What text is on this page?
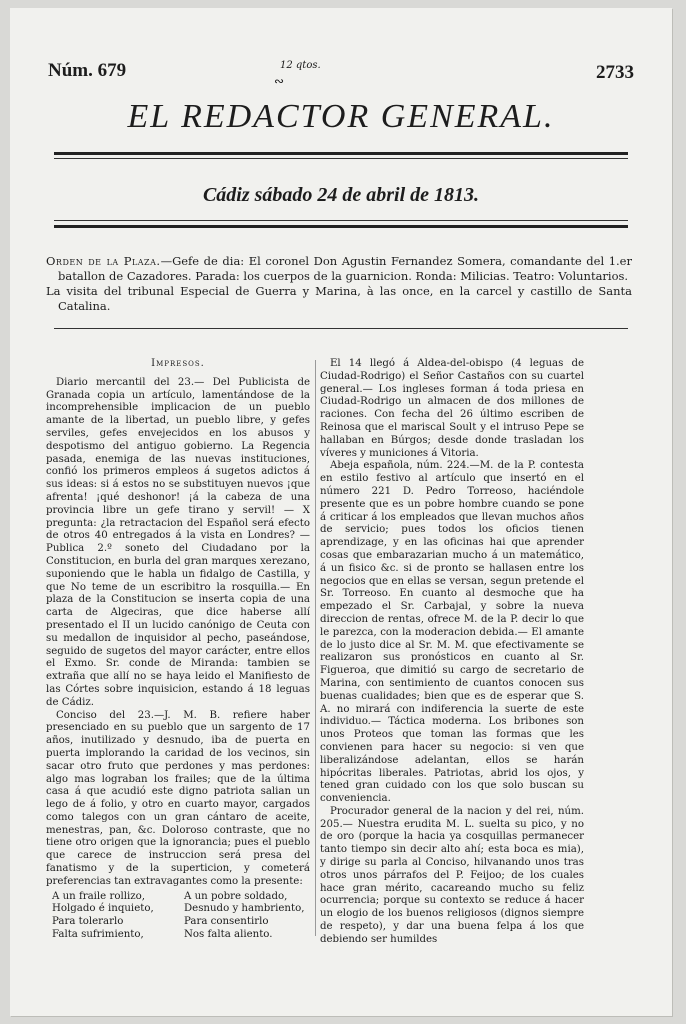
Núm. 679	12 qtos.
∾	2733
EL REDACTOR GENERAL.
Cádiz sábado 24 de abril de 1813.

Orden de la Plaza.—Gefe de dia: El coronel Don Agustin Fernandez Somera, comandante del 1.er batallon de Cazadores. Parada: los cuerpos de la guarnicion. Ronda: Milicias. Teatro: Voluntarios.

La visita del tribunal Especial de Guerra y Marina, à las once, en la carcel y castillo de Santa Catalina.

Impresos.

Diario mercantil del 23.— Del Publicista de Granada copia un artículo, lamentándose de la incomprehensible implicacion de un pueblo amante de la libertad, un pueblo libre, y gefes serviles, gefes envejecidos en los abusos y despotismo del antiguo gobierno. La Regencia pasada, enemiga de las nuevas instituciones, confió los primeros empleos á sugetos adictos á sus ideas: si á estos no se substituyen nuevos ¡que afrenta! ¡qué deshonor! ¡á la cabeza de una provincia libre un gefe tirano y servil! — X pregunta: ¿la retractacion del Español será efecto de otros 40 entregados á la vista en Londres? —Publica 2.º soneto del Ciudadano por la Constitucion, en burla del gran marques xerezano, suponiendo que le habla un fidalgo de Castilla, y que No teme de un escribitro la rosquilla.— En plaza de la Constitucion se inserta copia de una carta de Algeciras, que dice haberse allí presentado el II un lucido canónigo de Ceuta con su medallon de inquisidor al pecho, paseándose, seguido de sugetos del mayor carácter, entre ellos el Exmo. Sr. conde de Miranda: tambien se extraña que allí no se haya leido el Manifiesto de las Córtes sobre inquisicion, estando á 18 leguas de Cádiz.

Conciso del 23.—J. M. B. refiere haber presenciado en su pueblo que un sargento de 17 años, inutilizado y desnudo, iba de puerta en puerta implorando la caridad de los vecinos, sin sacar otro fruto que perdones y mas perdones: algo mas lograban los frailes; que de la última casa á que acudió este digno patriota salian un lego de á folio, y otro en cuarto mayor, cargados como talegos con un gran cántaro de aceite, menestras, pan, &c. Doloroso contraste, que no tiene otro origen que la ignorancia; pues el pueblo que carece de instruccion será presa del fanatismo y de la superticion, y cometerá preferencias tan extravagantes como la presente:

A un fraile rollizo,	A un pobre soldado,
Holgado é inquieto,	Desnudo y hambriento,
Para tolerarlo	Para consentirlo
Falta sufrimiento,	Nos falta aliento.

El 14 llegó á Aldea-del-obispo (4 leguas de Ciudad-Rodrigo) el Señor Castaños con su cuartel general.— Los ingleses forman á toda priesa en Ciudad-Rodrigo un almacen de dos millones de raciones. Con fecha del 26 último escriben de Reinosa que el mariscal Soult y el intruso Pepe se hallaban en Búrgos; desde donde trasladan los víveres y municiones á Vitoria.

Abeja española, núm. 224.—M. de la P. contesta en estilo festivo al artículo que insertó en el número 221 D. Pedro Torreoso, haciéndole presente que es un pobre hombre cuando se pone á criticar á los empleados que llevan muchos años de servicio; pues todos los oficios tienen aprendizage, y en las oficinas hai que aprender cosas que embarazarian mucho á un matemático, á un fisico &c. si de pronto se hallasen entre los negocios que en ellas se versan, segun pretende el Sr. Torreoso. En cuanto al desmoche que ha empezado el Sr. Carbajal, y sobre la nueva direccion de rentas, ofrece M. de la P. decir lo que le parezca, con la moderacion debida.— El amante de lo justo dice al Sr. M. M. que efectivamente se realizaron sus pronósticos en cuanto al Sr. Figueroa, que dimitió su cargo de secretario de Marina, con sentimiento de cuantos conocen sus buenas cualidades; bien que es de esperar que S. A. no mirará con indiferencia la suerte de este individuo.— Táctica moderna. Los bribones son unos Proteos que toman las formas que les convienen para hacer su negocio: si ven que liberalizándose adelantan, ellos se harán hipócritas liberales. Patriotas, abrid los ojos, y tened gran cuidado con los que solo buscan su conveniencia.

Procurador general de la nacion y del rei, núm. 205.— Nuestra erudita M. L. suelta su pico, y no de oro (porque la hacia ya cosquillas permanecer tanto tiempo sin decir alto ahí; esta boca es mia), y dirige su parla al Conciso, hilvanando unos tras otros unos párrafos del P. Feijoo; de los cuales hace gran mérito, cacareando mucho su feliz ocurrencia; porque su contexto se reduce á hacer un elogio de los buenos religiosos (dignos siempre de respeto), y dar una buena felpa á los que debiendo ser humildes
